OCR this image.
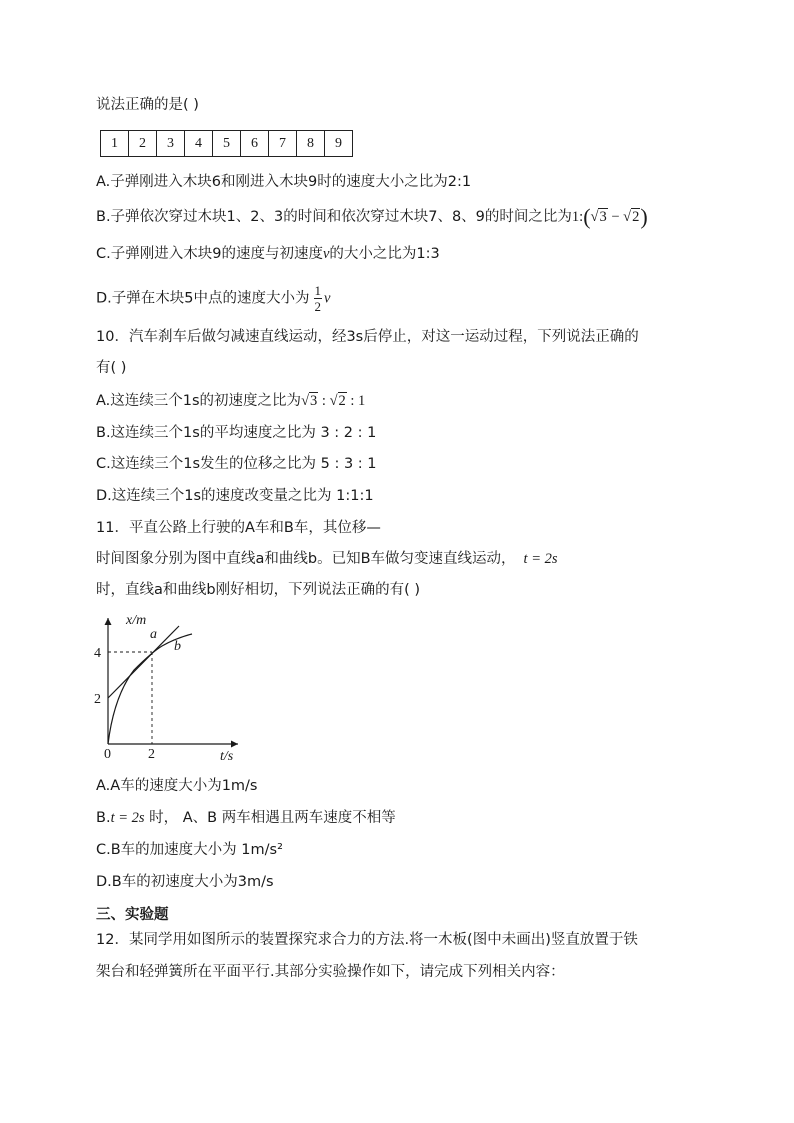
说法正确的是( )
1	2	3	4	5	6	7	8	9
A.子弹刚进入木块6和刚进入木块9时的速度大小之比为2:1
B.子弹依次穿过木块1、2、3的时间和依次穿过木块7、8、9的时间之比为1:(√3 − √2)
C.子弹刚进入木块9的速度与初速度v的大小之比为1:3
D.子弹在木块5中点的速度大小为 $\frac{1}{2}$ v
10．汽车刹车后做匀减速直线运动，经3s后停止，对这一运动过程，下列说法正确的
有( )
A.这连续三个1s的初速度之比为√3 : √2 : 1
B.这连续三个1s的平均速度之比为 3 : 2 : 1
C.这连续三个1s发生的位移之比为 5 : 3 : 1
D.这连续三个1s的速度改变量之比为 1:1:1
11．平直公路上行驶的A车和B车，其位移—
时间图象分别为图中直线a和曲线b。已知B车做匀变速直线运动， t = 2s
时，直线a和曲线b刚好相切，下列说法正确的有( )
x/m
t/s
a
b
4
2
0	2
A.A车的速度大小为1m/s
B.t = 2s 时， A、B 两车相遇且两车速度不相等
C.B车的加速度大小为 1m/s²
D.B车的初速度大小为3m/s
三、实验题
12．某同学用如图所示的装置探究求合力的方法.将一木板(图中未画出)竖直放置于铁
架台和轻弹簧所在平面平行.其部分实验操作如下，请完成下列相关内容：
